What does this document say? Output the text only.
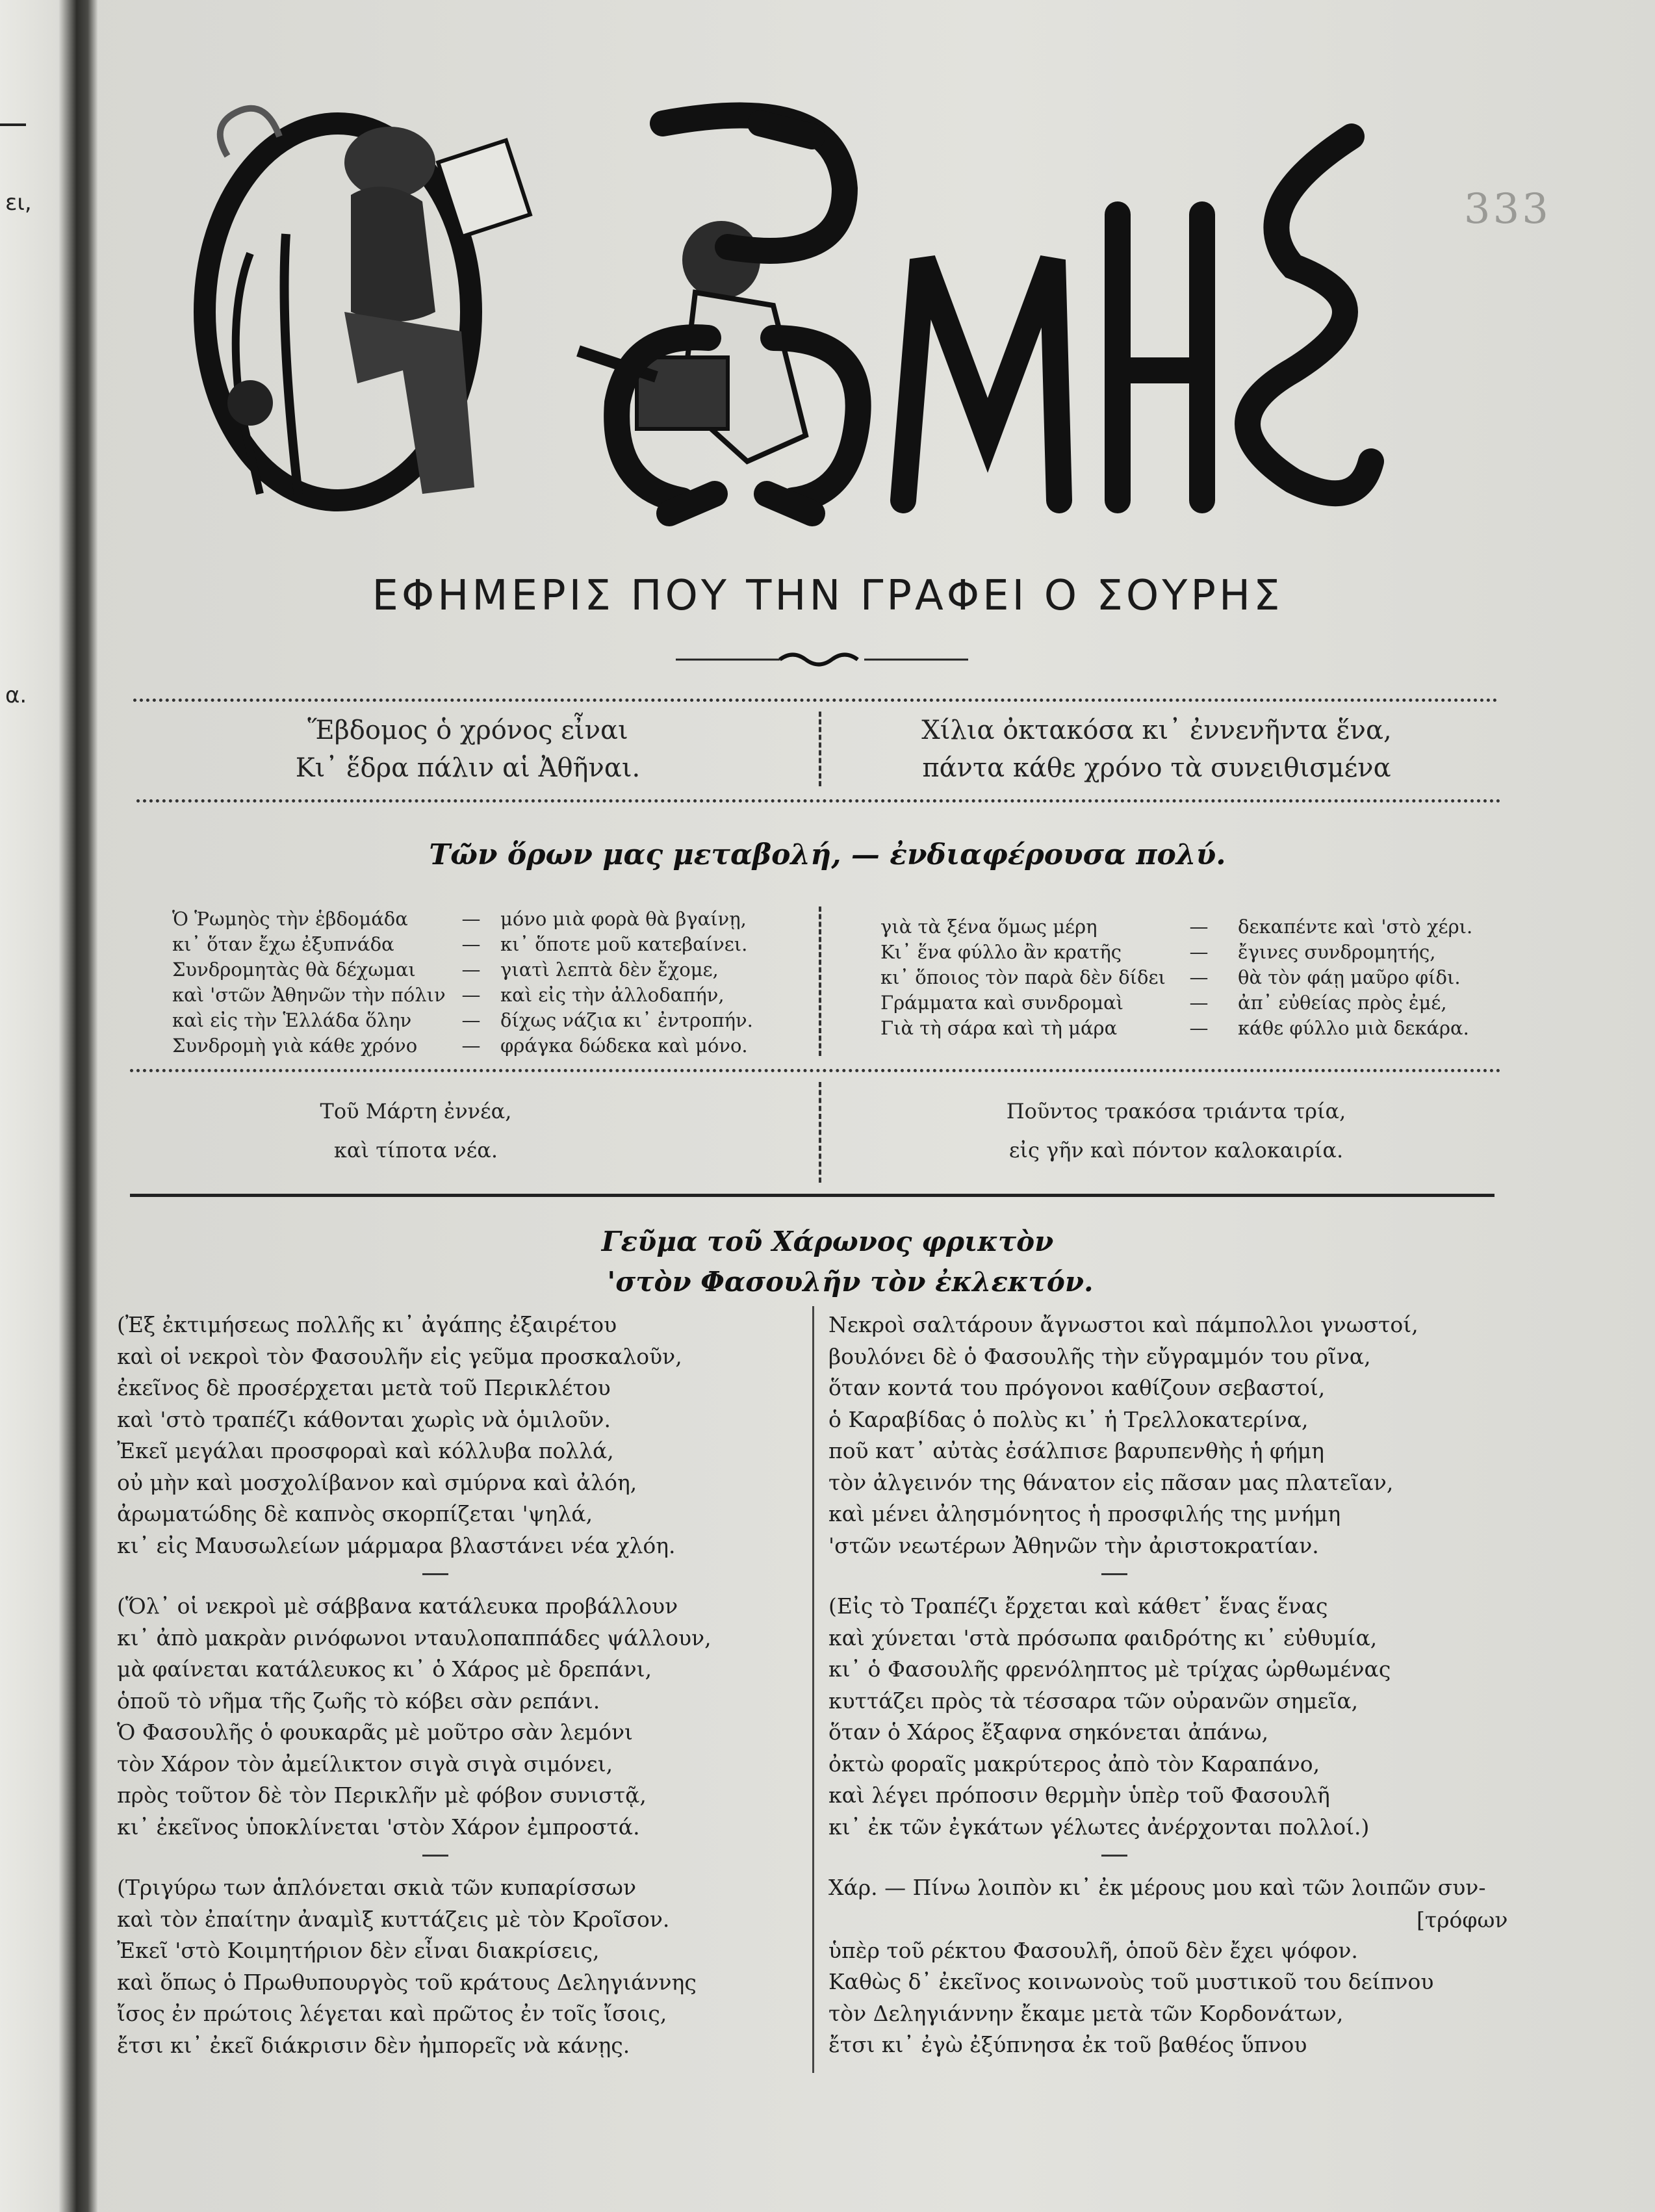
ει,
α.
333
ΕΦΗΜΕΡΙΣ ΠΟΥ ΤΗΝ ΓΡΑΦΕΙ Ο ΣΟΥΡΗΣ
Ἕβδομος ὁ χρόνος εἶναι
Κι᾽ ἕδρα πάλιν αἱ Ἀθῆναι.
Χίλια ὀκτακόσα κι᾽ ἐννενῆντα ἕνα,
πάντα κάθε χρόνο τὰ συνειθισμένα
Τῶν ὅρων μας μεταβολή, — ἐνδιαφέρουσα πολύ.
Ὁ Ῥωμηὸς τὴν ἑβδομάδα	—	μόνο μιὰ φορὰ θὰ βγαίνῃ,
κι᾽ ὅταν ἔχω ἐξυπνάδα	—	κι᾽ ὅποτε μοῦ κατεβαίνει.
Συνδρομητὰς θὰ δέχωμαι	—	γιατὶ λεπτὰ δὲν ἔχομε,
καὶ 'στῶν Ἀθηνῶν τὴν πόλιν —	καὶ εἰς τὴν ἀλλοδαπήν,
καὶ εἰς τὴν Ἑλλάδα ὅλην	—	δίχως νάζια κι᾽ ἐντροπήν.
Συνδρομὴ γιὰ κάθε χρόνο	—	φράγκα δώδεκα καὶ μόνο.
γιὰ τὰ ξένα ὅμως μέρη	—	δεκαπέντε καὶ 'στὸ χέρι.
Κι᾽ ἕνα φύλλο ἂν κρατῆς	—	ἔγινες συνδρομητής,
κι᾽ ὅποιος τὸν παρὰ δὲν δίδει	—	θὰ τὸν φάῃ μαῦρο φίδι.
Γράμματα καὶ συνδρομαὶ	—	ἀπ᾽ εὐθείας πρὸς ἐμέ,
Γιὰ τὴ σάρα καὶ τὴ μάρα	—	κάθε φύλλο μιὰ δεκάρα.
Τοῦ Μάρτη ἐννέα,
καὶ τίποτα νέα.
Ποῦντος τρακόσα τριάντα τρία,
εἰς γῆν καὶ πόντον καλοκαιρία.
Γεῦμα τοῦ Χάρωνος φρικτὸν
'στὸν Φασουλῆν τὸν ἐκλεκτόν.
(Ἐξ ἐκτιμήσεως πολλῆς κι᾽ ἀγάπης ἐξαιρέτου
καὶ οἱ νεκροὶ τὸν Φασουλῆν εἰς γεῦμα προσκαλοῦν,
ἐκεῖνος δὲ προσέρχεται μετὰ τοῦ Περικλέτου
καὶ 'στὸ τραπέζι κάθονται χωρὶς νὰ ὁμιλοῦν.
Ἐκεῖ μεγάλαι προσφοραὶ καὶ κόλλυβα πολλά,
οὐ μὴν καὶ μοσχολίβανον καὶ σμύρνα καὶ ἀλόη,
ἀρωματώδης δὲ καπνὸς σκορπίζεται 'ψηλά,
κι᾽ εἰς Μαυσωλείων μάρμαρα βλαστάνει νέα χλόη.
(Ὅλ᾽ οἱ νεκροὶ μὲ σάββανα κατάλευκα προβάλλουν
κι᾽ ἀπὸ μακρὰν ρινόφωνοι νταυλοπαππάδες ψάλλουν,
μὰ φαίνεται κατάλευκος κι᾽ ὁ Χάρος μὲ δρεπάνι,
ὁποῦ τὸ νῆμα τῆς ζωῆς τὸ κόβει σὰν ρεπάνι.
Ὁ Φασουλῆς ὁ φουκαρᾶς μὲ μοῦτρο σὰν λεμόνι
τὸν Χάρον τὸν ἀμείλικτον σιγὰ σιγὰ σιμόνει,
πρὸς τοῦτον δὲ τὸν Περικλῆν μὲ φόβον συνιστᾷ,
κι᾽ ἐκεῖνος ὑποκλίνεται 'στὸν Χάρον ἐμπροστά.
(Τριγύρω των ἁπλόνεται σκιὰ τῶν κυπαρίσσων
καὶ τὸν ἐπαίτην ἀναμὶξ κυττάζεις μὲ τὸν Κροῖσον.
Ἐκεῖ 'στὸ Κοιμητήριον δὲν εἶναι διακρίσεις,
καὶ ὅπως ὁ Πρωθυπουργὸς τοῦ κράτους Δεληγιάννης
ἴσος ἐν πρώτοις λέγεται καὶ πρῶτος ἐν τοῖς ἴσοις,
ἔτσι κι᾽ ἐκεῖ διάκρισιν δὲν ἠμπορεῖς νὰ κάνῃς.
Νεκροὶ σαλτάρουν ἄγνωστοι καὶ πάμπολλοι γνωστοί,
βουλόνει δὲ ὁ Φασουλῆς τὴν εὔγραμμόν του ρῖνα,
ὅταν κοντά του πρόγονοι καθίζουν σεβαστοί,
ὁ Καραβίδας ὁ πολὺς κι᾽ ἡ Τρελλοκατερίνα,
ποῦ κατ᾽ αὐτὰς ἐσάλπισε βαρυπενθὴς ἡ φήμη
τὸν ἀλγεινόν της θάνατον εἰς πᾶσαν μας πλατεῖαν,
καὶ μένει ἀλησμόνητος ἡ προσφιλής της μνήμη
'στῶν νεωτέρων Ἀθηνῶν τὴν ἀριστοκρατίαν.
(Εἰς τὸ Τραπέζι ἔρχεται καὶ κάθετ᾽ ἕνας ἕνας
καὶ χύνεται 'στὰ πρόσωπα φαιδρότης κι᾽ εὐθυμία,
κι᾽ ὁ Φασουλῆς φρενόληπτος μὲ τρίχας ὠρθωμένας
κυττάζει πρὸς τὰ τέσσαρα τῶν οὐρανῶν σημεῖα,
ὅταν ὁ Χάρος ἔξαφνα σηκόνεται ἀπάνω,
ὀκτὼ φοραῖς μακρύτερος ἀπὸ τὸν Καραπάνο,
καὶ λέγει πρόποσιν θερμὴν ὑπὲρ τοῦ Φασουλῆ
κι᾽ ἐκ τῶν ἐγκάτων γέλωτες ἀνέρχονται πολλοί.)
Χάρ. — Πίνω λοιπὸν κι᾽ ἐκ μέρους μου καὶ τῶν λοιπῶν συν-
ὑπὲρ τοῦ ρέκτου Φασουλῆ, ὁποῦ δὲν ἔχει ψόφον.
Καθὼς δ᾽ ἐκεῖνος κοινωνοὺς τοῦ μυστικοῦ του δείπνου
τὸν Δεληγιάννην ἔκαμε μετὰ τῶν Κορδονάτων,
ἔτσι κι᾽ ἐγὼ ἐξύπνησα ἐκ τοῦ βαθέος ὕπνου
[τρόφων
